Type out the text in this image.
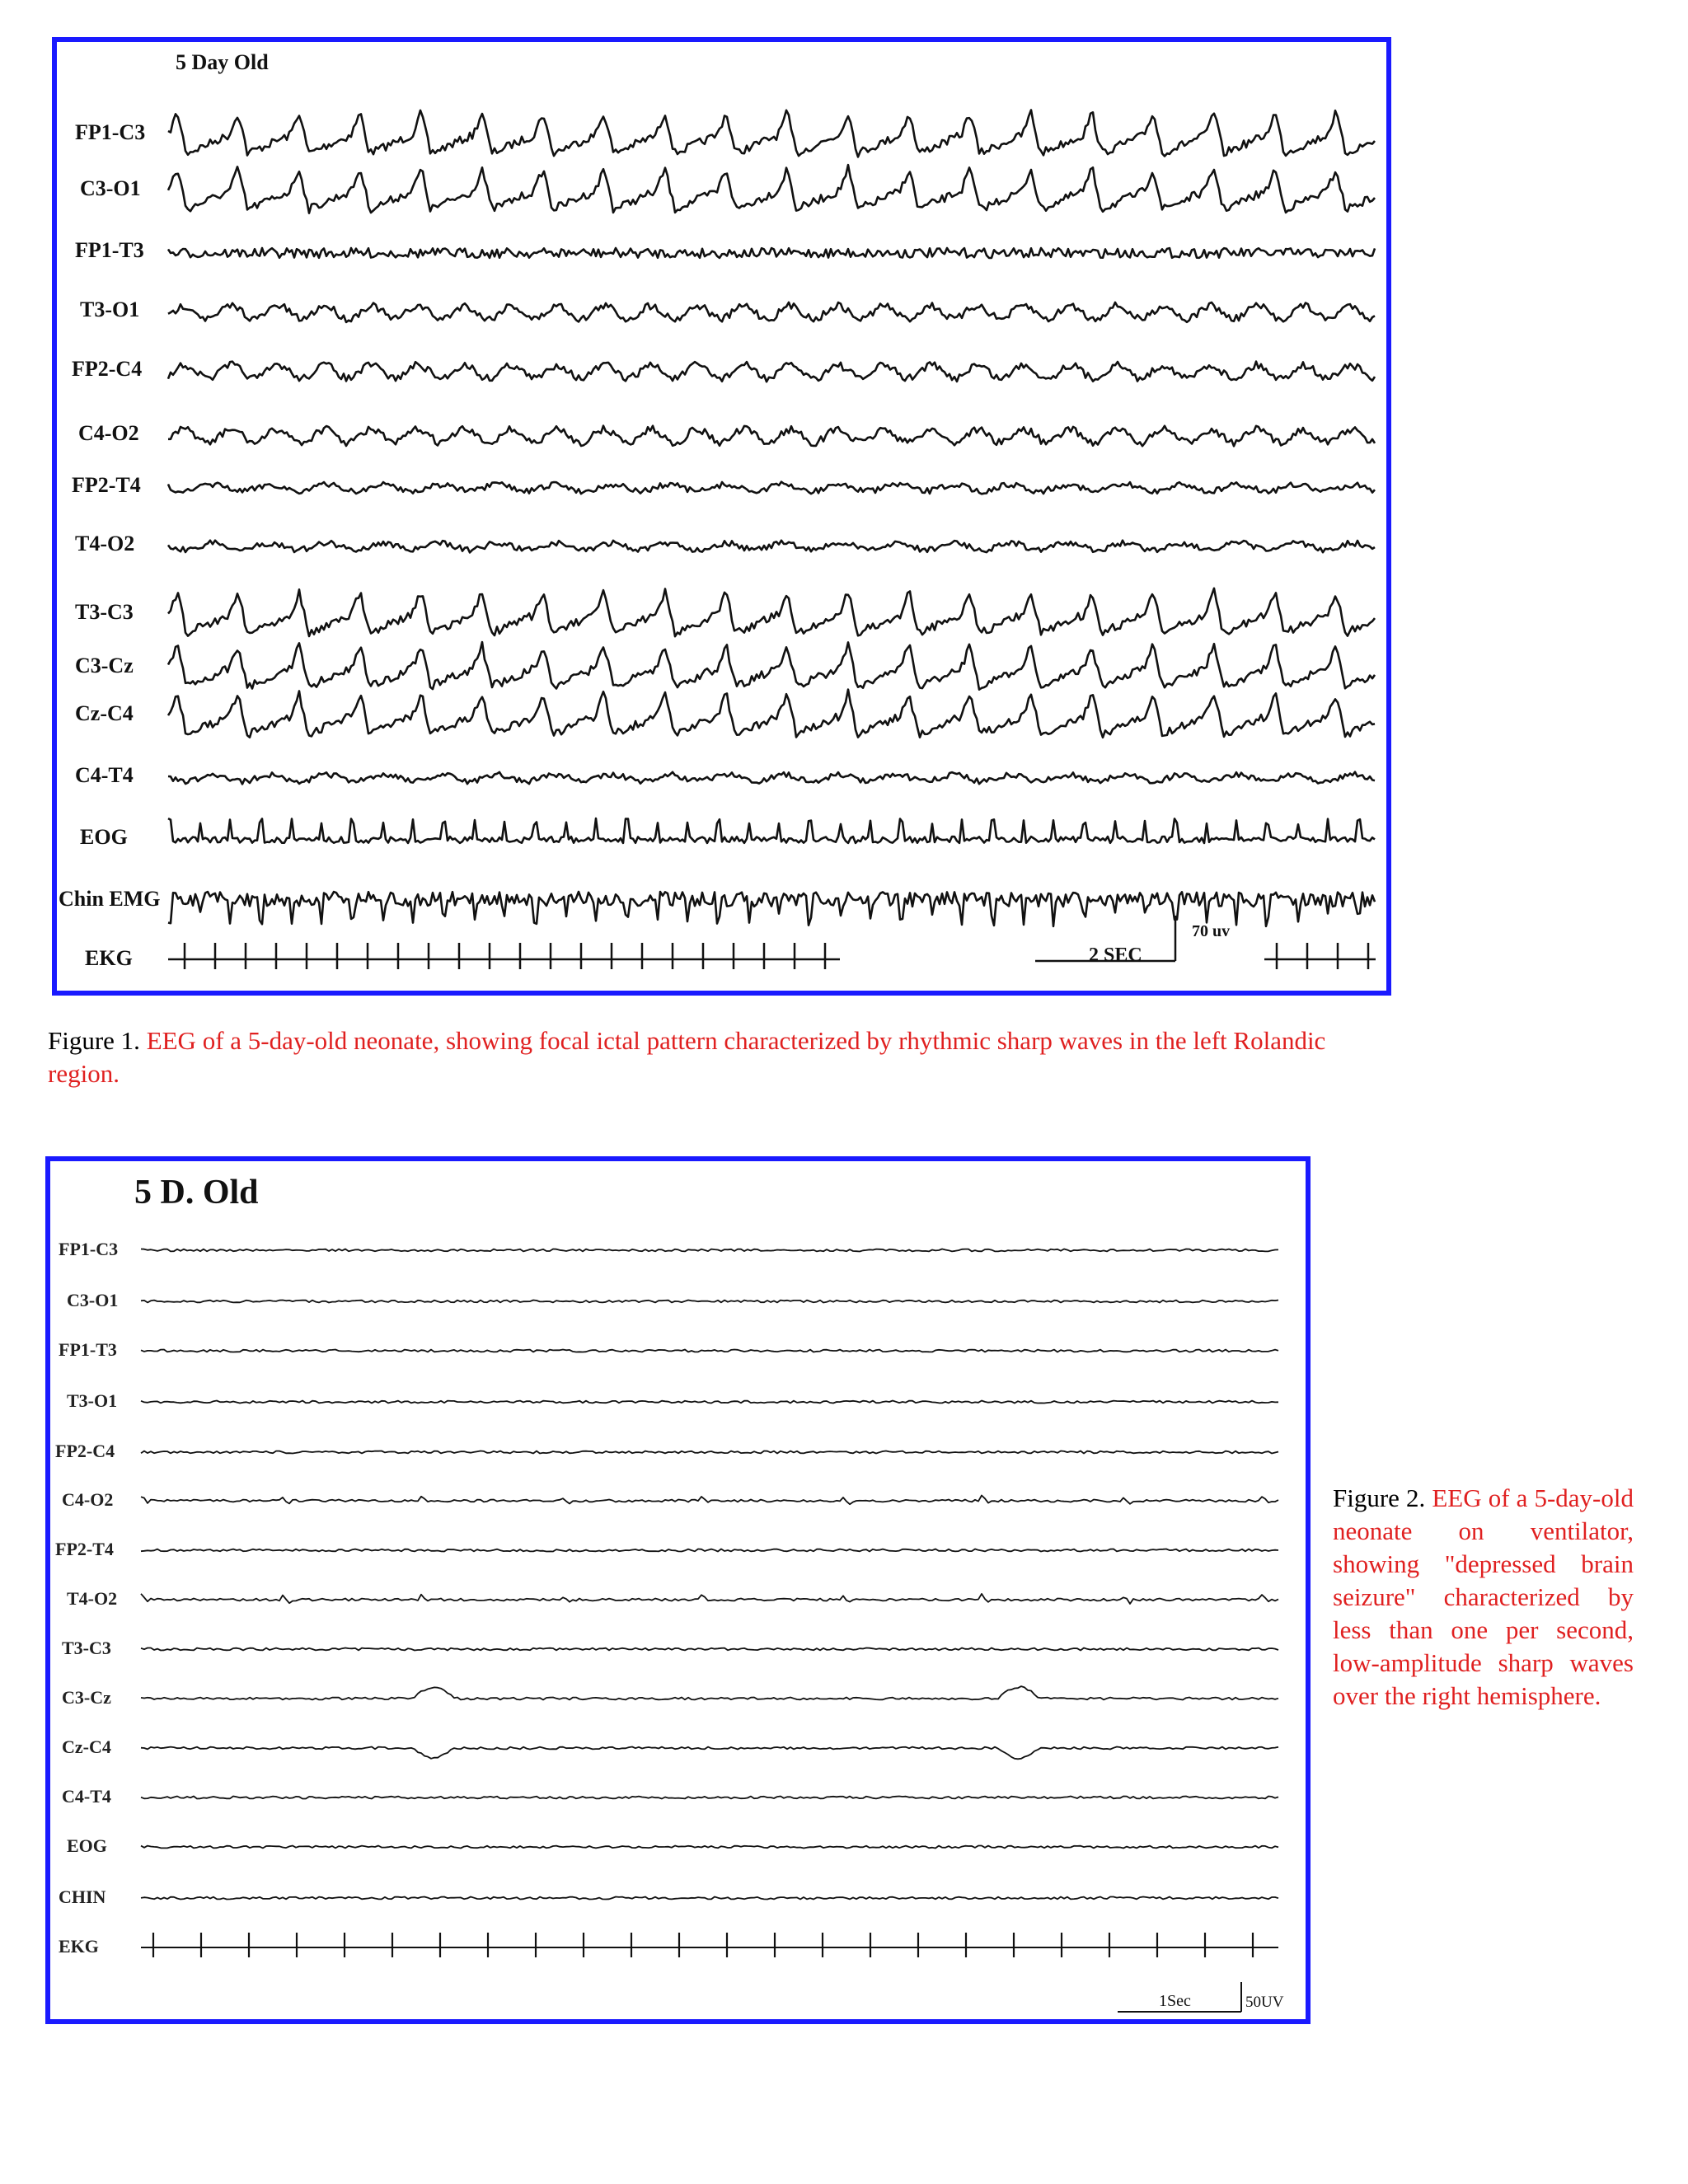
5 Day Old
FP1-C3
C3-O1
FP1-T3
T3-O1
FP2-C4
C4-O2
FP2-T4
T4-O2
T3-C3
C3-Cz
Cz-C4
C4-T4
EOG
Chin EMG
EKG	2 SEC
70 uv
Figure 1. EEG of a 5-day-old neonate, showing focal ictal pattern characterized by rhythmic sharp waves in the left Rolandic region.
5 D. Old
FP1-C3
C3-O1
FP1-T3
T3-O1
FP2-C4
C4-O2
FP2-T4
T4-O2
T3-C3
C3-Cz
Cz-C4
C4-T4
EOG
CHIN
EKG
1Sec	50UV
Figure 2. EEG of a 5-day-old neonate on ventilator, showing "depressed brain seizure" characterized by less than one per second, low-amplitude sharp waves over the right hemisphere.
